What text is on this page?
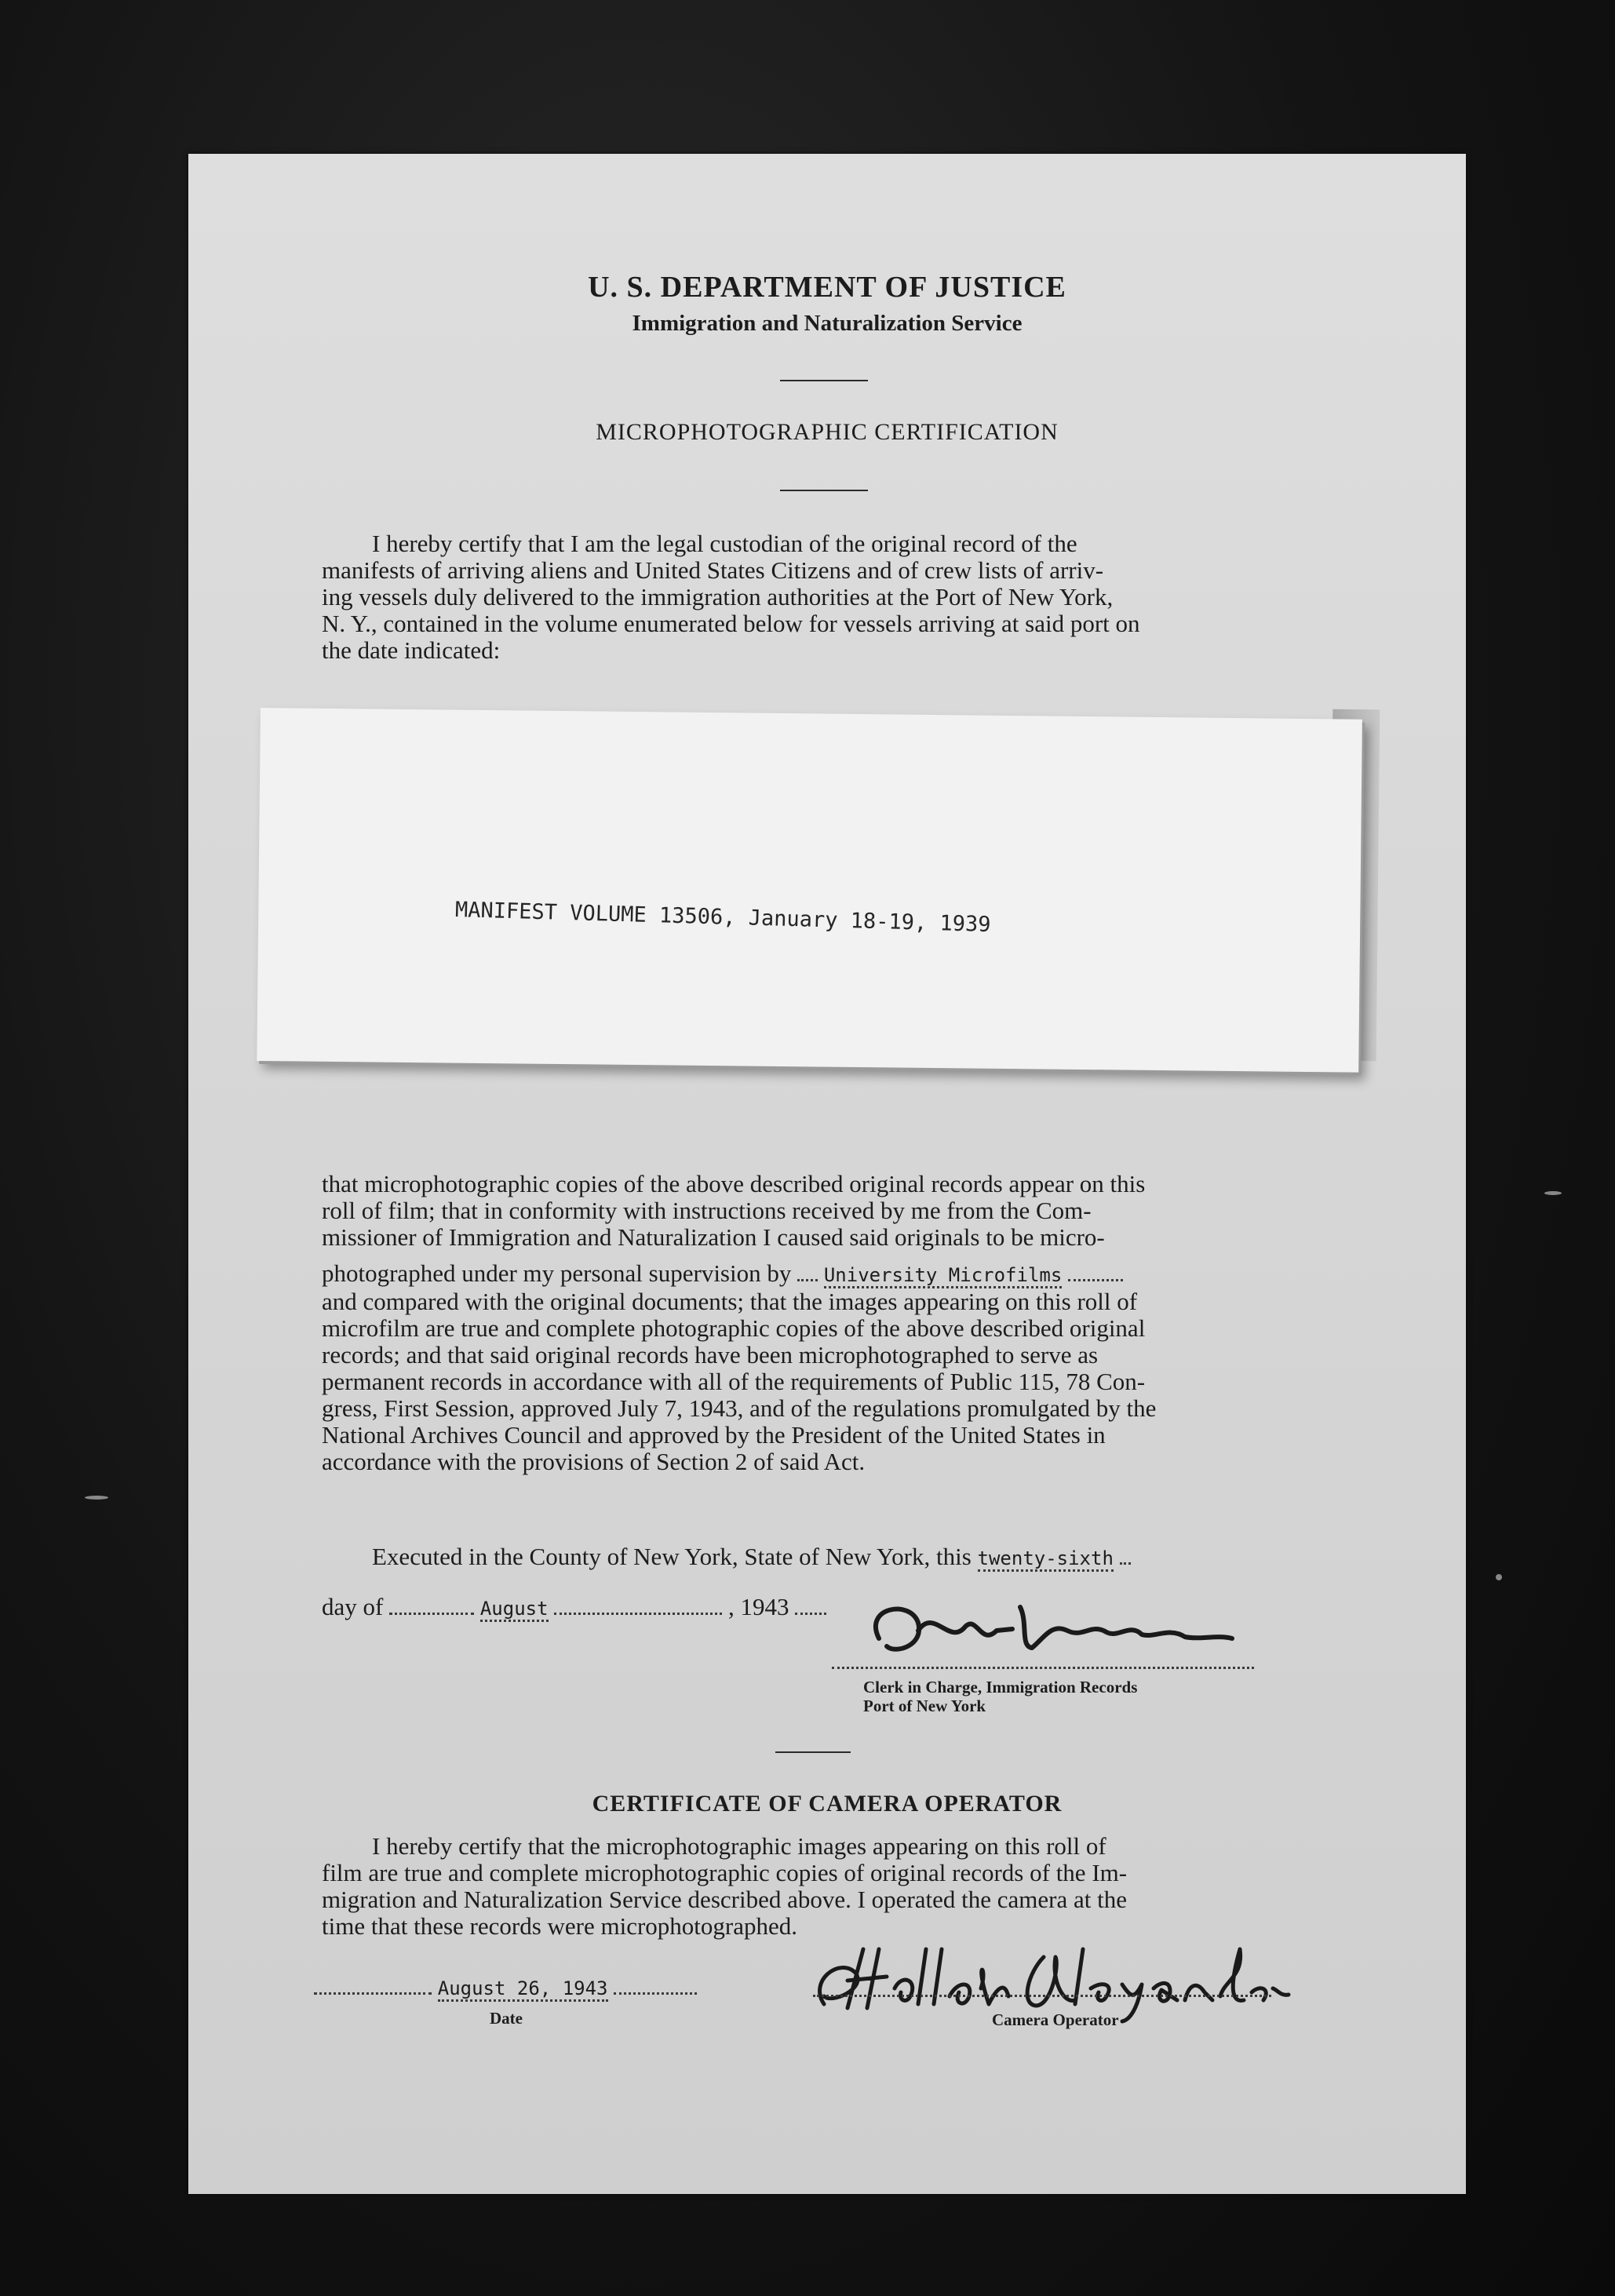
U. S. DEPARTMENT OF JUSTICE
Immigration and Naturalization Service
MICROPHOTOGRAPHIC CERTIFICATION
I hereby certify that I am the legal custodian of the original record of the
manifests of arriving aliens and United States Citizens and of crew lists of arriv-
ing vessels duly delivered to the immigration authorities at the Port of New York,
N. Y., contained in the volume enumerated below for vessels arriving at said port on
the date indicated:
MANIFEST VOLUME 13506, January 18-19, 1939
that microphotographic copies of the above described original records appear on this
roll of film; that in conformity with instructions received by me from the Com-
missioner of Immigration and Naturalization I caused said originals to be micro-
photographed under my personal supervision by University Microfilms
and compared with the original documents; that the images appearing on this roll of
microfilm are true and complete photographic copies of the above described original
records; and that said original records have been microphotographed to serve as
permanent records in accordance with all of the requirements of Public 115, 78 Con-
gress, First Session, approved July 7, 1943, and of the regulations promulgated by the
National Archives Council and approved by the President of the United States in
accordance with the provisions of Section 2 of said Act.
Executed in the County of New York, State of New York, this twenty-sixth
day of	August	, 1943
Clerk in Charge, Immigration Records
Port of New York
CERTIFICATE OF CAMERA OPERATOR
I hereby certify that the microphotographic images appearing on this roll of
film are true and complete microphotographic copies of original records of the Im-
migration and Naturalization Service described above. I operated the camera at the
time that these records were microphotographed.
August 26, 1943
Date	Camera Operator
